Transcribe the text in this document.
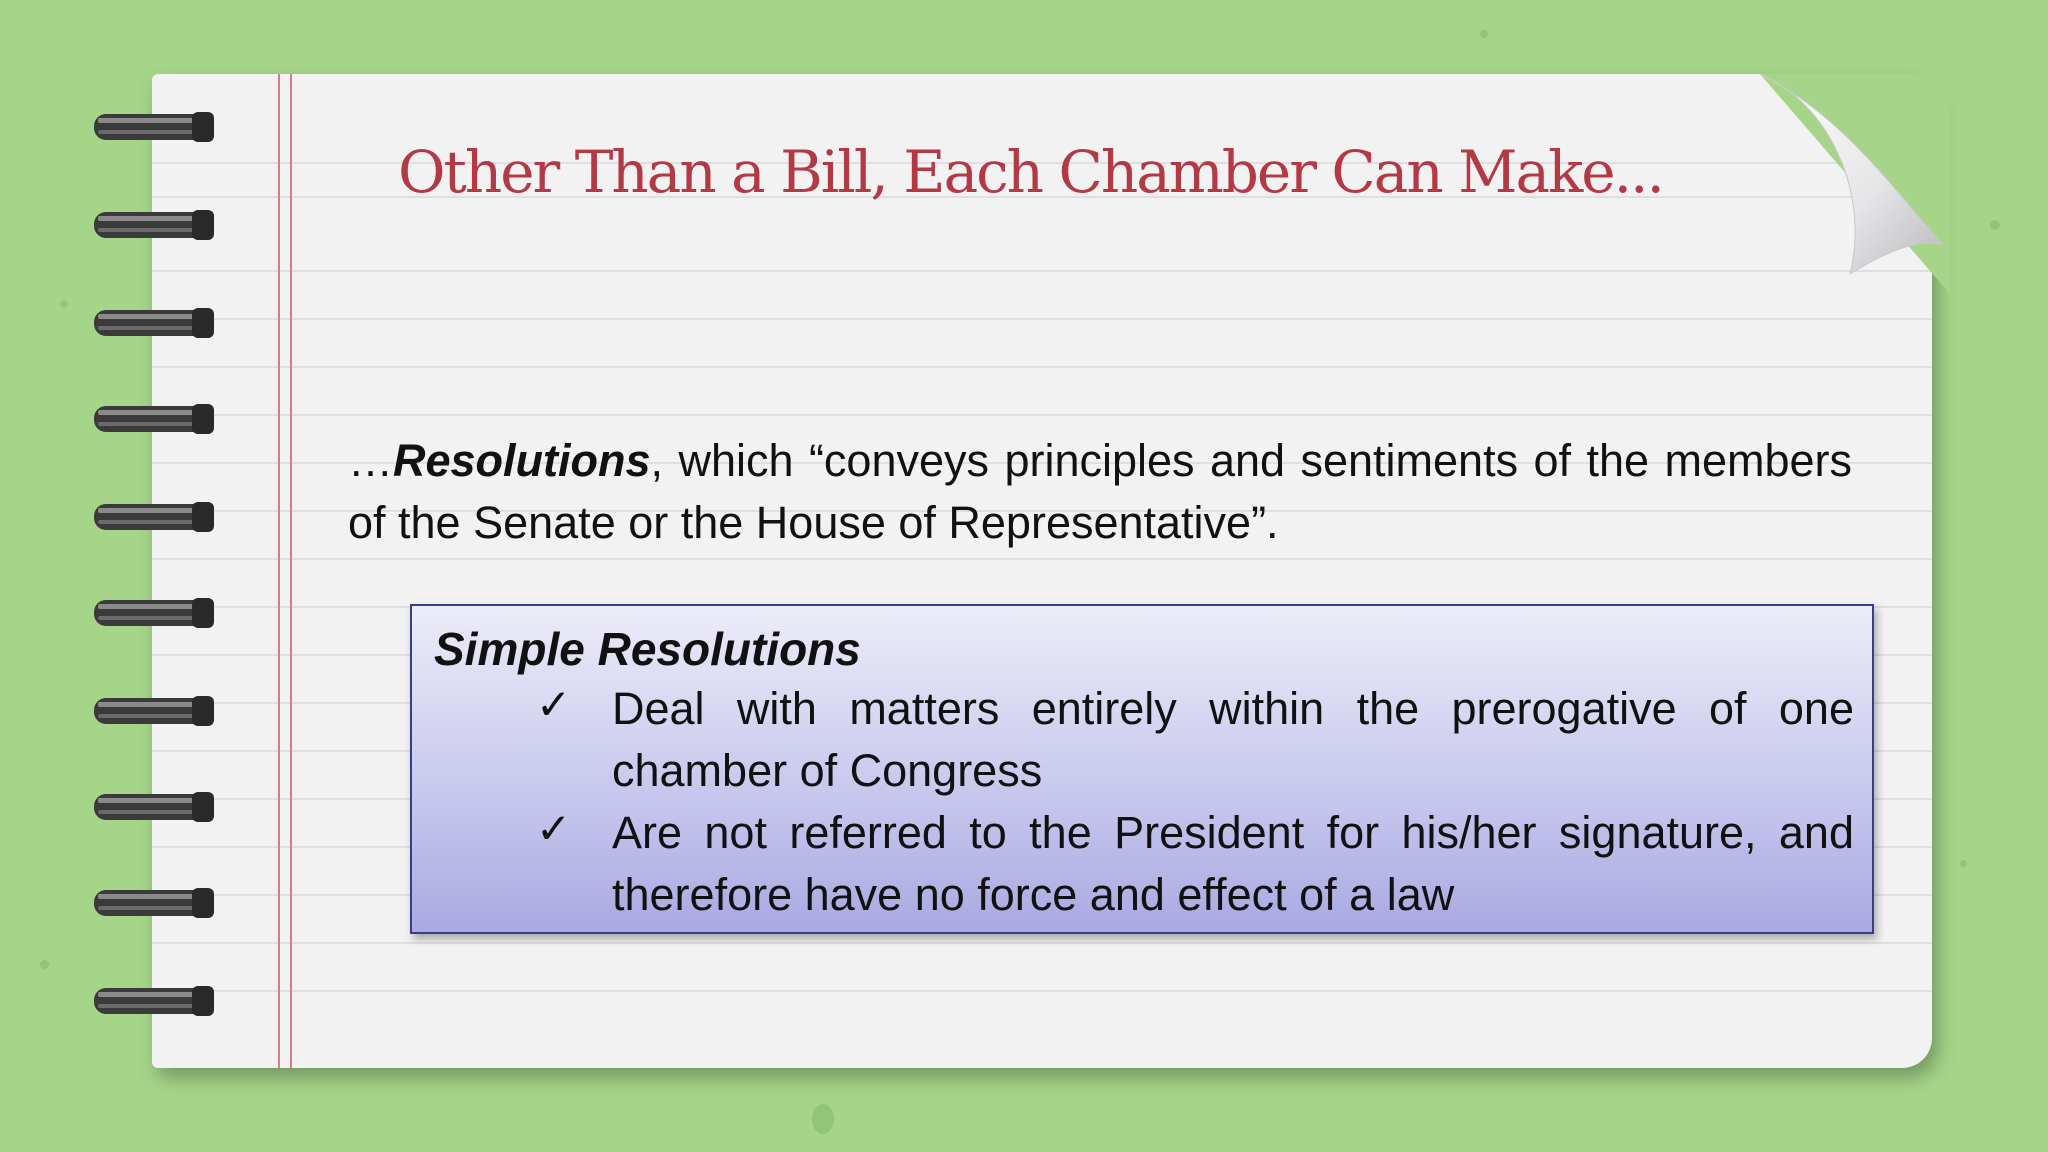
Other Than a Bill, Each Chamber Can Make...
…Resolutions, which “conveys principles and sentiments of the members of the Senate or the House of Representative”.
Simple Resolutions
✓ Deal with matters entirely within the prerogative of one chamber of Congress
✓ Are not referred to the President for his/her signature, and therefore have no force and effect of a law
